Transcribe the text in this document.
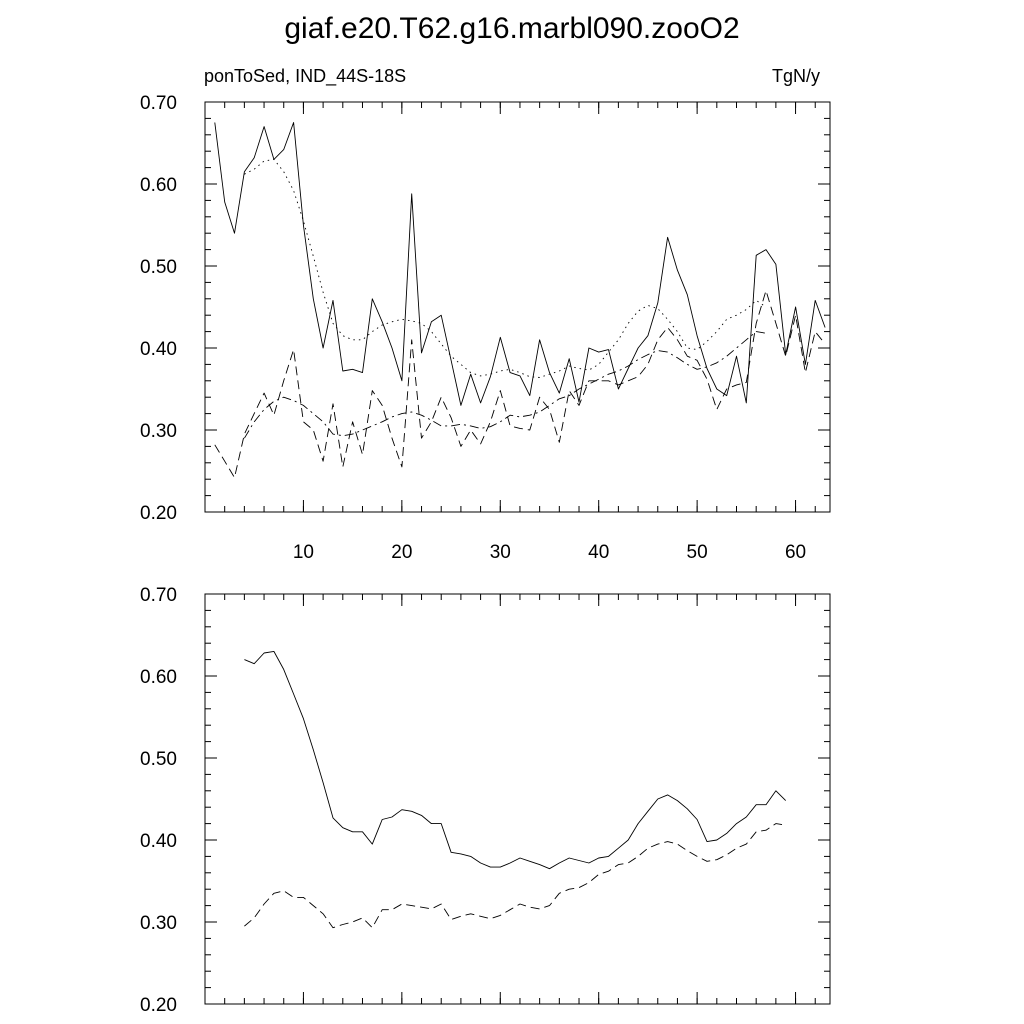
giaf.e20.T62.g16.marbl090.zooO2
ponToSed, IND_44S-18S	TgN/y
0.20
0.30
0.40
0.50
0.60
0.70
10	20	30	40	50	60
0.20
0.30
0.40
0.50
0.60
0.70
